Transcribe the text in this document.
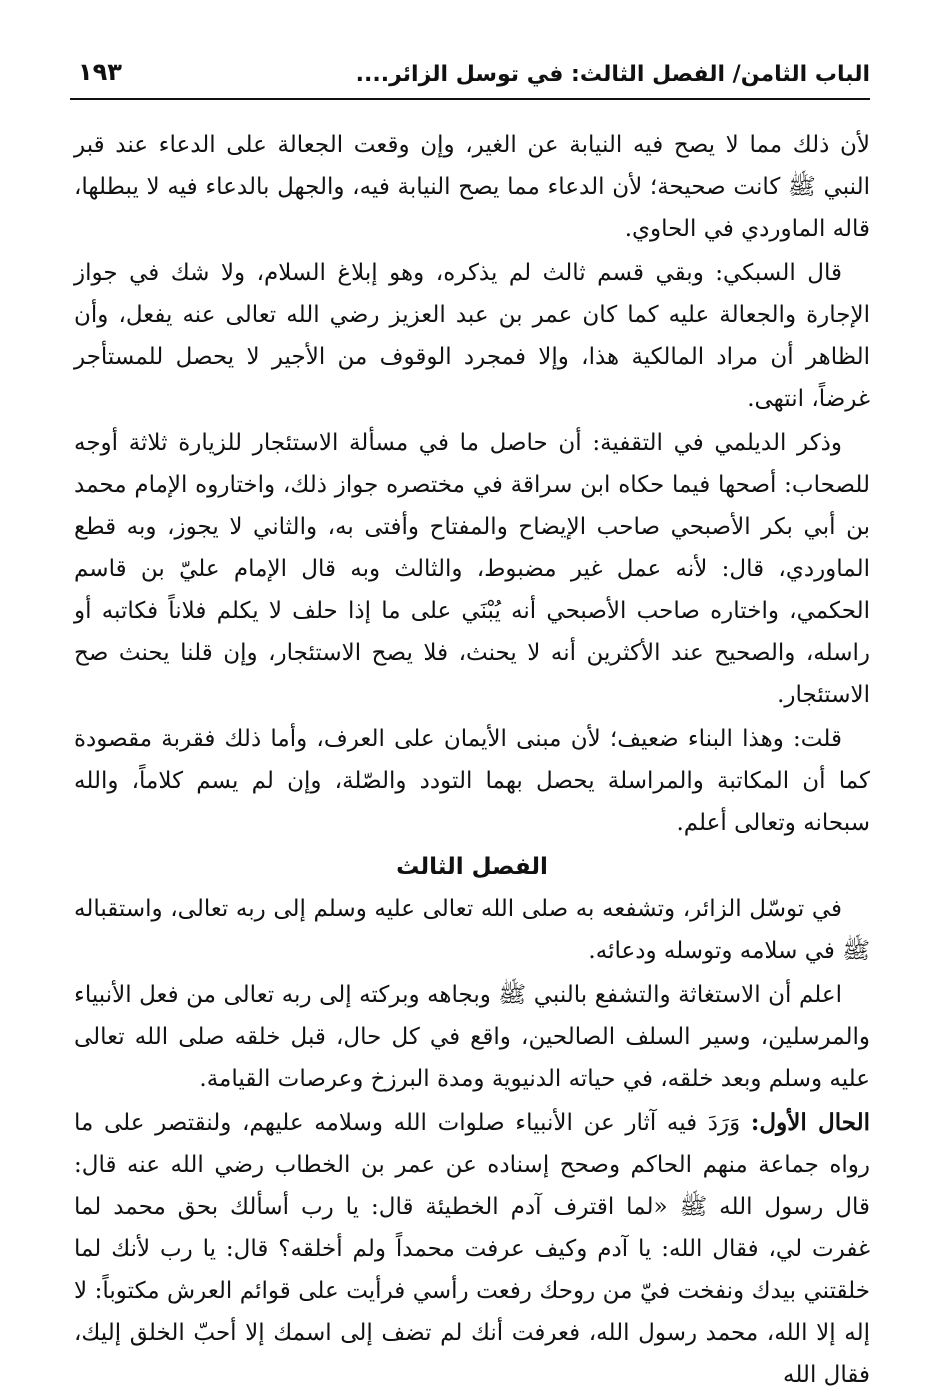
الباب الثامن/ الفصل الثالث: في توسل الزائر....
١٩٣

لأن ذلك مما لا يصح فيه النيابة عن الغير، وإن وقعت الجعالة على الدعاء عند قبر النبي ﷺ كانت صحيحة؛ لأن الدعاء مما يصح النيابة فيه، والجهل بالدعاء فيه لا يبطلها، قاله الماوردي في الحاوي.

قال السبكي: وبقي قسم ثالث لم يذكره، وهو إبلاغ السلام، ولا شك في جواز الإجارة والجعالة عليه كما كان عمر بن عبد العزيز رضي الله تعالى عنه يفعل، وأن الظاهر أن مراد المالكية هذا، وإلا فمجرد الوقوف من الأجير لا يحصل للمستأجر غرضاً، انتهى.

وذكر الديلمي في التقفية: أن حاصل ما في مسألة الاستئجار للزيارة ثلاثة أوجه للصحاب: أصحها فيما حكاه ابن سراقة في مختصره جواز ذلك، واختاروه الإمام محمد بن أبي بكر الأصبحي صاحب الإيضاح والمفتاح وأفتى به، والثاني لا يجوز، وبه قطع الماوردي، قال: لأنه عمل غير مضبوط، والثالث وبه قال الإمام عليّ بن قاسم الحكمي، واختاره صاحب الأصبحي أنه يُبْنَي على ما إذا حلف لا يكلم فلاناً فكاتبه أو راسله، والصحيح عند الأكثرين أنه لا يحنث، فلا يصح الاستئجار، وإن قلنا يحنث صح الاستئجار.

قلت: وهذا البناء ضعيف؛ لأن مبنى الأيمان على العرف، وأما ذلك فقربة مقصودة كما أن المكاتبة والمراسلة يحصل بهما التودد والصّلة، وإن لم يسم كلاماً، والله سبحانه وتعالى أعلم.

الفصل الثالث

في توسّل الزائر، وتشفعه به صلى الله تعالى عليه وسلم إلى ربه تعالى، واستقباله ﷺ في سلامه وتوسله ودعائه.

اعلم أن الاستغاثة والتشفع بالنبي ﷺ وبجاهه وبركته إلى ربه تعالى من فعل الأنبياء والمرسلين، وسير السلف الصالحين، واقع في كل حال، قبل خلقه صلى الله تعالى عليه وسلم وبعد خلقه، في حياته الدنيوية ومدة البرزخ وعرصات القيامة.

الحال الأول: وَرَدَ فيه آثار عن الأنبياء صلوات الله وسلامه عليهم، ولنقتصر على ما رواه جماعة منهم الحاكم وصحح إسناده عن عمر بن الخطاب رضي الله عنه قال: قال رسول الله ﷺ «لما اقترف آدم الخطيئة قال: يا رب أسألك بحق محمد لما غفرت لي، فقال الله: يا آدم وكيف عرفت محمداً ولم أخلقه؟ قال: يا رب لأنك لما خلقتني بيدك ونفخت فيّ من روحك رفعت رأسي فرأيت على قوائم العرش مكتوباً: لا إله إلا الله، محمد رسول الله، فعرفت أنك لم تضف إلى اسمك إلا أحبّ الخلق إليك، فقال الله
